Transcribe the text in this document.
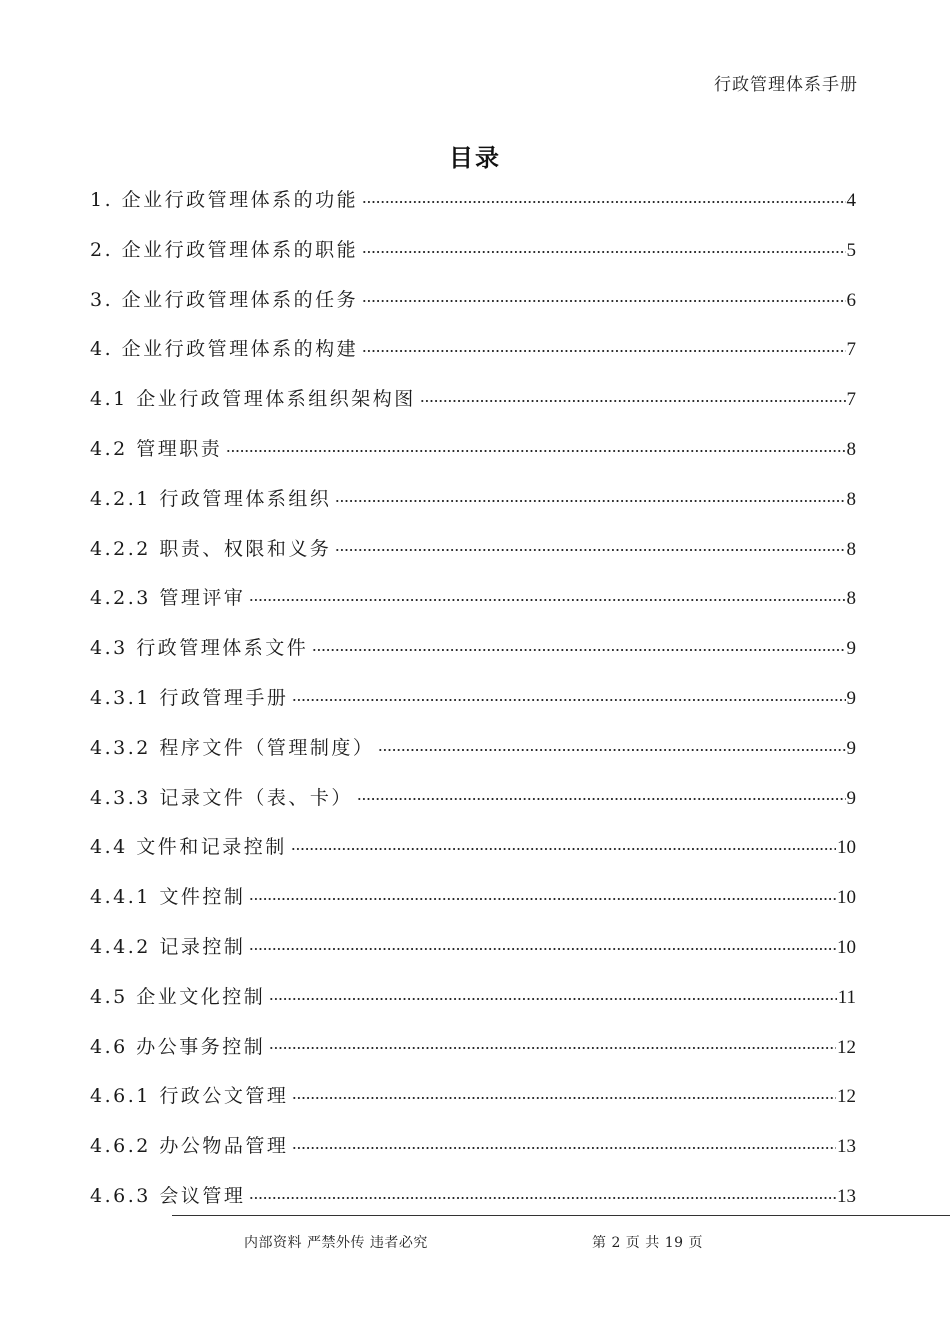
行政管理体系手册
目录
1. 企业行政管理体系的功能	4
2. 企业行政管理体系的职能	5
3. 企业行政管理体系的任务	6
4. 企业行政管理体系的构建	7
4.1 企业行政管理体系组织架构图	7
4.2 管理职责	8
4.2.1 行政管理体系组织	8
4.2.2 职责、权限和义务	8
4.2.3 管理评审	8
4.3 行政管理体系文件	9
4.3.1 行政管理手册	9
4.3.2 程序文件（管理制度）	9
4.3.3 记录文件（表、卡）	9
4.4 文件和记录控制	10
4.4.1 文件控制	10
4.4.2 记录控制	10
4.5 企业文化控制	11
4.6 办公事务控制	12
4.6.1 行政公文管理	12
4.6.2 办公物品管理	13
4.6.3 会议管理	13
内部资料 严禁外传 违者必究	第 2 页 共 19 页
